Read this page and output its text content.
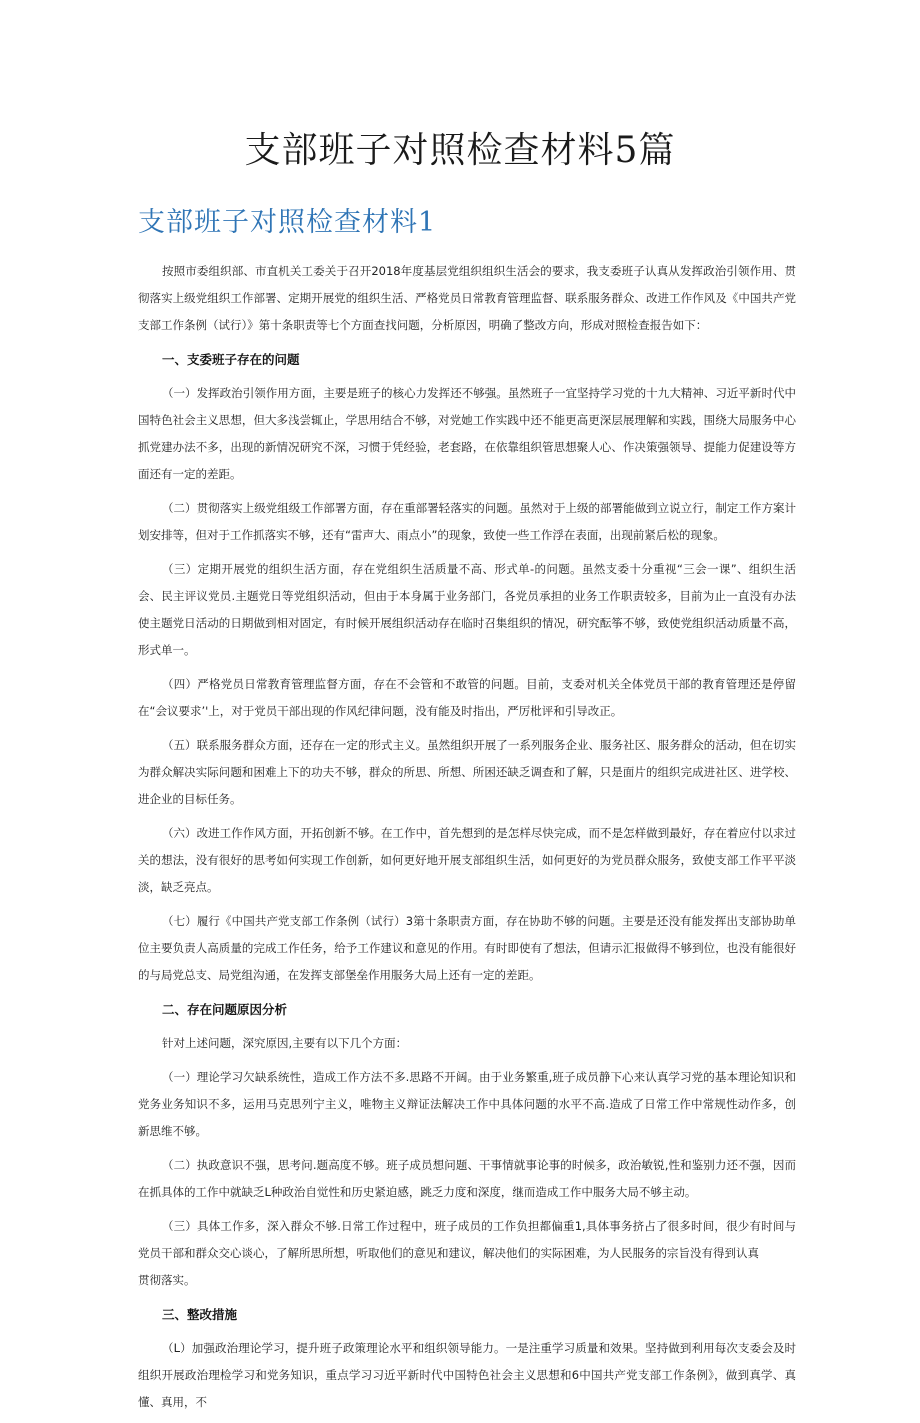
支部班子对照检查材料5篇
支部班子对照检查材料1

按照市委组织部、市直机关工委关于召开2018年度基层党组织组织生活会的要求，我支委班子认真从发挥政治引领作用、贯彻落实上级党组织工作部署、定期开展党的组织生活、严格党员日常教育管理监督、联系服务群众、改进工作作风及《中国共产党支部工作条例（试行）》第十条职责等七个方面查找问题，分析原因，明确了整改方向，形成对照检查报告如下：

一、支委班子存在的问题

（一）发挥政治引领作用方面，主要是班子的核心力发挥还不够强。虽然班子一宜坚持学习党的十九大精神、习近平新时代中国特色社会主义思想，但大多浅尝辄止，学思用结合不够，对党她工作实践中还不能更高更深层展理解和实践，围绕大局服务中心抓党建办法不多，出现的新情况研究不深，习惯于凭经验，老套路，在依靠组织管思想聚人心、作决策强领导、提能力促建设等方面还有一定的差距。

（二）贯彻落实上级党组级工作部署方面，存在重部署轻落实的问题。虽然对于上级的部署能做到立说立行，制定工作方案计划安排等，但对于工作抓落实不够，还有“雷声大、雨点小”的现象，致使一些工作浮在表面，出现前紧后松的现象。

（三）定期开展党的组织生活方面，存在党组织生活质量不高、形式单-的问题。虽然支委十分重视“三会一课”、组织生活会、民主评议党员.主题党日等党组织活动，但由于本身属于业务部门，各党员承担的业务工作职责较多，目前为止一直没有办法使主题党日活动的日期做到相对固定，有时候开展组织活动存在临时召集组织的情况，研究酝筝不够，致使党组织活动质量不高，形式单一。

（四）严格党员日常教育管理监督方面，存在不会管和不敢管的问题。目前，支委对机关全体党员干部的教育管理还是停留在“会议要求’'上，对于党员干部出现的作风纪律问题，没有能及时指出，严厉枇评和引导改正。

（五）联系服务群众方面，还存在一定的形式主义。虽然组织开展了一系列服务企业、服务社区、服务群众的活动，但在切实为群众解决实际问题和困难上下的功夫不够，群众的所思、所想、所困还缺乏调查和了解，只是面片的组织完成进社区、进学校、进企业的目标任务。

（六）改进工作作风方面，开拓创新不够。在工作中，首先想到的是怎样尽快完成，而不是怎样做到最好，存在着应付以求过关的想法，没有很好的思考如何实现工作创新，如何更好地开展支部组织生活，如何更好的为党员群众服务，致使支部工作平平淡淡，缺乏亮点。

（七）履行《中国共产党支部工作条例（试行）3第十条职责方面，存在协助不够的问题。主要是还没有能发挥出支部协助单位主要负责人高质量的完成工作任务，给予工作建议和意见的作用。有时即使有了想法，但请示汇报做得不够到位，也没有能很好的与局党总支、局党组沟通，在发挥支部堡垒作用服务大局上还有一定的差距。

二、存在问题原因分析

针对上述问题，深究原因,主要有以下几个方面：

（一）理论学习欠缺系统性，造成工作方法不多.思路不开阔。由于业务繁重,班子成员静下心来认真学习党的基本理论知识和党务业务知识不多，运用马克思列宁主义，唯物主义辩证法解决工作中具体问题的水平不高.造成了日常工作中常规性动作多，创新思维不够。

（二）执政意识不强，思考问.题高度不够。班子成员想问题、干事情就事论事的时候多，政治敏锐,性和鉴别力还不强，因而在抓具体的工作中就缺乏L种政治自觉性和历史紧迫感，跳乏力度和深度，继而造成工作中服务大局不够主动。

（三）具体工作多，深入群众不够.日常工作过程中，班子成员的工作负担都偏重1,具体事务挤占了很多时间，很少有时间与党员干部和群众交心谈心，了解所思所想，听取他们的意见和建议，解决他们的实际困难，为人民服务的宗旨没有得到认真

贯彻落实。

三、整改措施

（L）加强政治理论学习，提升班子政策理论水平和组织领导能力。一是注重学习质量和效果。坚持做到利用每次支委会及时组织开展政治理检学习和党务知识，重点学习习近平新时代中国特色社会主义思想和6中国共产党支部工作条例》，做到真学、真懂、真用，不
